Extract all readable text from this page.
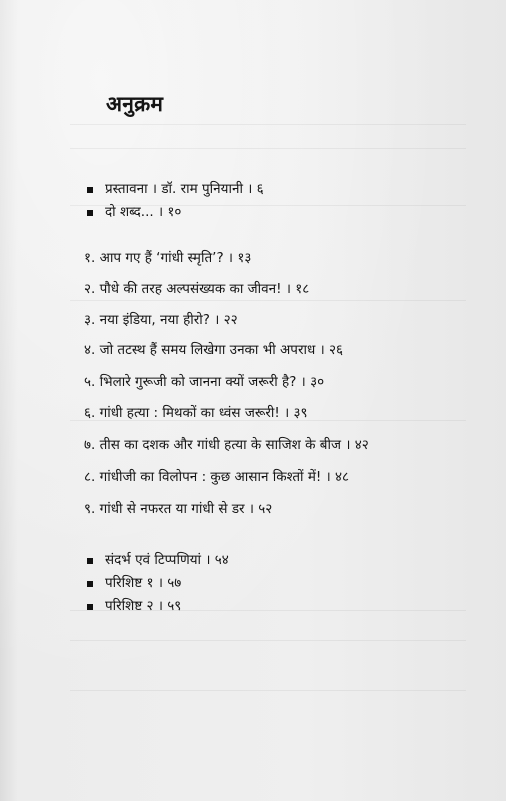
अनुक्रम
प्रस्तावना । डॉ. राम पुनियानी । ६
दो शब्द... । १०
१. आप गए हैं ‘गांधी स्मृति’? । १३
२. पौधे की तरह अल्पसंख्यक का जीवन! । १८
३. नया इंडिया, नया हीरो? । २२
४. जो तटस्थ हैं समय लिखेगा उनका भी अपराध । २६
५. भिलारे गुरूजी को जानना क्यों जरूरी है? । ३०
६. गांधी हत्या : मिथकों का ध्वंस जरूरी! । ३९
७. तीस का दशक और गांधी हत्या के साजिश के बीज । ४२
८. गांधीजी का विलोपन : कुछ आसान किश्तों में! । ४८
९. गांधी से नफरत या गांधी से डर । ५२
संदर्भ एवं टिप्पणियां । ५४
परिशिष्ट १ । ५७
परिशिष्ट २ । ५९
